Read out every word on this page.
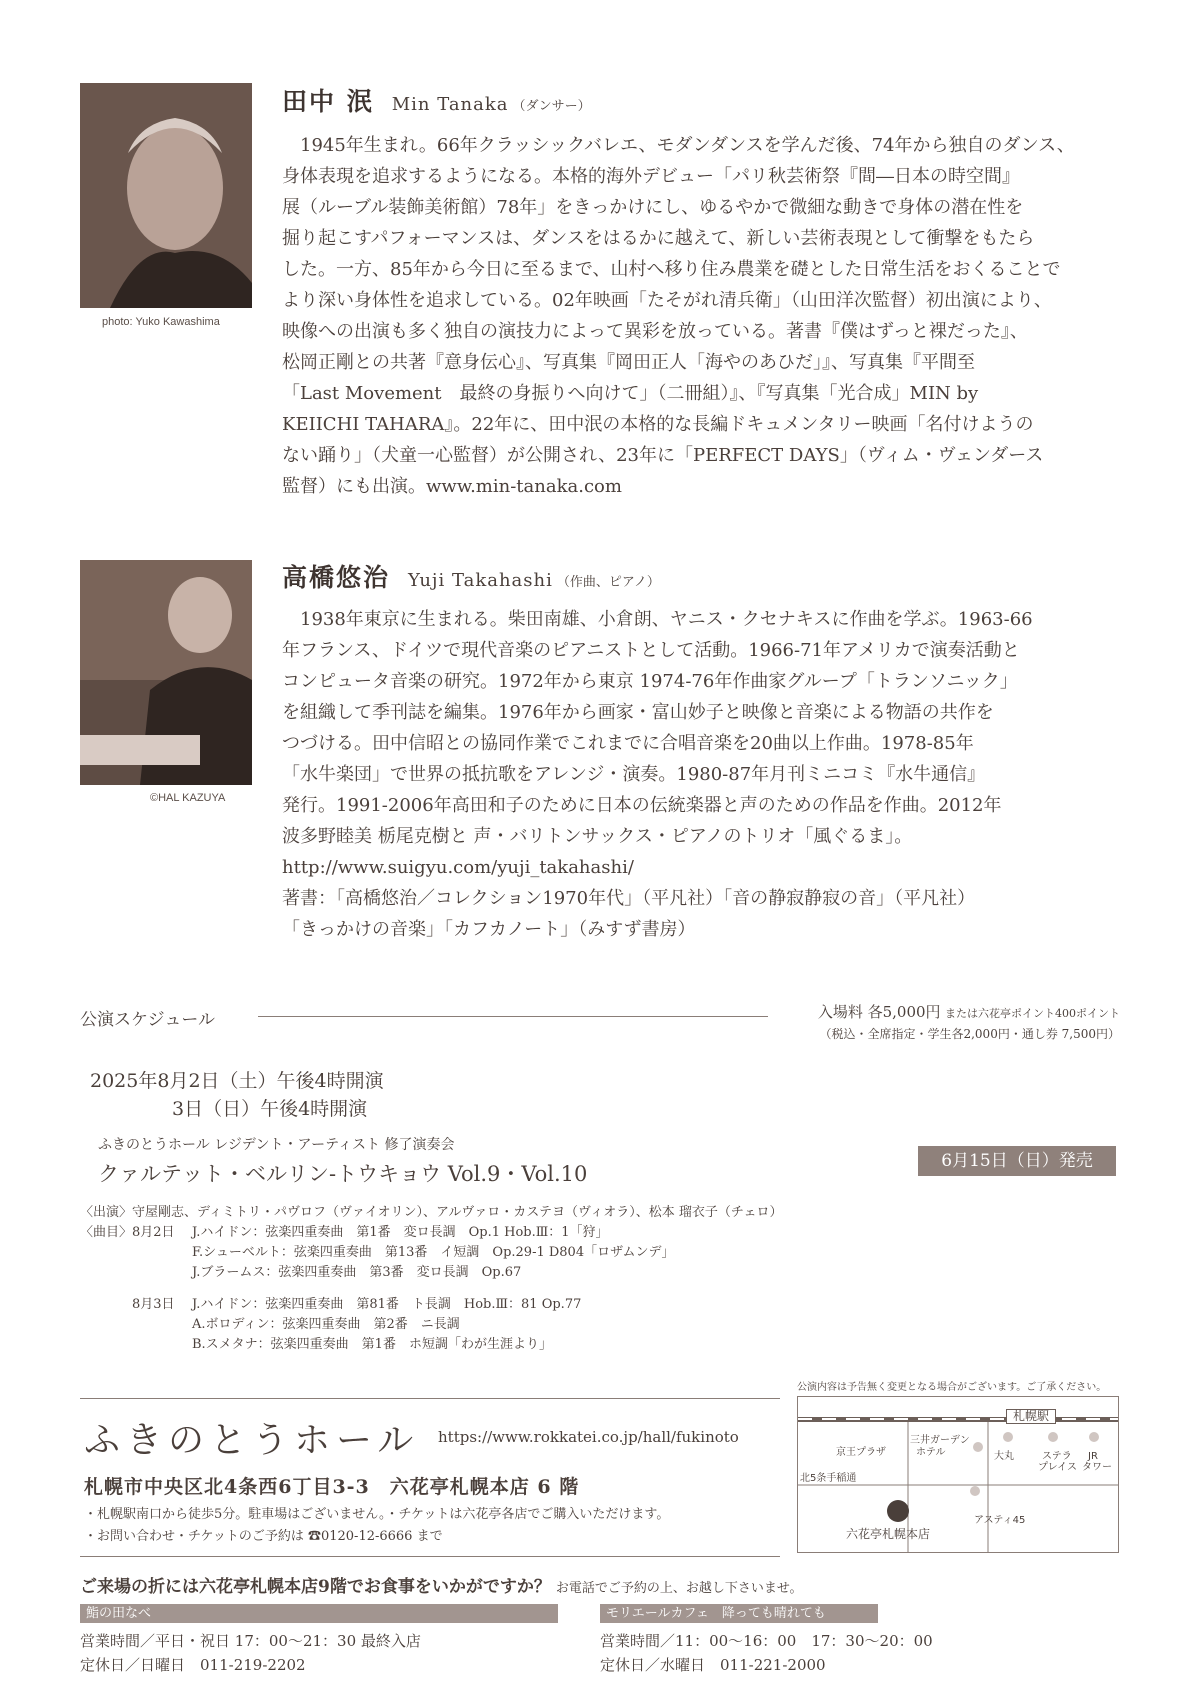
photo: Yuko Kawashima
田中 泯 Min Tanaka （ダンサー）

1945年生まれ。66年クラッシックバレエ、モダンダンスを学んだ後、74年から独自のダンス、

身体表現を追求するようになる。本格的海外デビュー「パリ秋芸術祭『間―日本の時空間』

展（ルーブル装飾美術館）78年」をきっかけにし、ゆるやかで微細な動きで身体の潜在性を

掘り起こすパフォーマンスは、ダンスをはるかに越えて、新しい芸術表現として衝撃をもたら

した。一方、85年から今日に至るまで、山村へ移り住み農業を礎とした日常生活をおくることで

より深い身体性を追求している。02年映画「たそがれ清兵衛」（山田洋次監督）初出演により、

映像への出演も多く独自の演技力によって異彩を放っている。著書『僕はずっと裸だった』、

松岡正剛との共著『意身伝心』、写真集『岡田正人「海やのあひだ」』、写真集『平間至

「Last Movement　最終の身振りへ向けて」（二冊組）』、『写真集「光合成」MIN by

KEIICHI TAHARA』。22年に、田中泯の本格的な長編ドキュメンタリー映画「名付けようの

ない踊り」（犬童一心監督）が公開され、23年に「PERFECT DAYS」（ヴィム・ヴェンダース

監督）にも出演。www.min-tanaka.com

©HAL KAZUYA
高橋悠治 Yuji Takahashi （作曲、ピアノ）

1938年東京に生まれる。柴田南雄、小倉朗、ヤニス・クセナキスに作曲を学ぶ。1963-66

年フランス、ドイツで現代音楽のピアニストとして活動。1966-71年アメリカで演奏活動と

コンピュータ音楽の研究。1972年から東京 1974-76年作曲家グループ「トランソニック」

を組織して季刊誌を編集。1976年から画家・富山妙子と映像と音楽による物語の共作を

つづける。田中信昭との協同作業でこれまでに合唱音楽を20曲以上作曲。1978-85年

「水牛楽団」で世界の抵抗歌をアレンジ・演奏。1980-87年月刊ミニコミ『水牛通信』

発行。1991-2006年高田和子のために日本の伝統楽器と声のための作品を作曲。2012年

波多野睦美 栃尾克樹と 声・バリトンサックス・ピアノのトリオ「風ぐるま」。

http://www.suigyu.com/yuji_takahashi/

著書：「高橋悠治／コレクション1970年代」（平凡社）「音の静寂静寂の音」（平凡社）

「きっかけの音楽」「カフカノート」（みすず書房）

公演スケジュール	入場料 各5,000円 または六花亭ポイント400ポイント
（税込・全席指定・学生各2,000円・通し券 7,500円）
2025年8月2日（土）午後4時開演
3日（日）午後4時開演
ふきのとうホール レジデント・アーティスト 修了演奏会
クァルテット・ベルリン-トウキョウ Vol.9・Vol.10
6月15日（日）発売
〈出演〉 守屋剛志、ディミトリ・パヴロフ（ヴァイオリン）、アルヴァロ・カステヨ（ヴィオラ）、松本 瑠衣子（チェロ）
〈曲目〉 8月2日	J.ハイドン：弦楽四重奏曲　第1番　変ロ長調　Op.1 Hob.Ⅲ：1「狩」
F.シューベルト：弦楽四重奏曲　第13番　イ短調　Op.29-1 D804「ロザムンデ」
J.ブラームス：弦楽四重奏曲　第3番　変ロ長調　Op.67
8月3日	J.ハイドン：弦楽四重奏曲　第81番　ト長調　Hob.Ⅲ：81 Op.77
A.ボロディン：弦楽四重奏曲　第2番　ニ長調
B.スメタナ：弦楽四重奏曲　第1番　ホ短調「わが生涯より」
ふきのとうホール https://www.rokkatei.co.jp/hall/fukinoto
札幌市中央区北4条西6丁目3-3　六花亭札幌本店 6 階
・札幌駅南口から徒歩5分。駐車場はございません。・チケットは六花亭各店でご購入いただけます。
・お問い合わせ・チケットのご予約は ☎0120-12-6666 まで
公演内容は予告無く変更となる場合がございます。ご了承ください。
札幌駅
京王プラザ
三井ガーデン
ホテル	大丸	ステラ
プレイス
JR
タワー
北5条手稲通
アスティ45
六花亭札幌本店
ご来場の折には六花亭札幌本店9階でお食事をいかがですか？ お電話でご予約の上、お越し下さいませ。
鮨の田なべ
営業時間／平日・祝日 17：00〜21：30 最終入店
定休日／日曜日　011-219-2202
モリエールカフェ　降っても晴れても
営業時間／11：00〜16：00　17：30〜20：00
定休日／水曜日　011-221-2000
